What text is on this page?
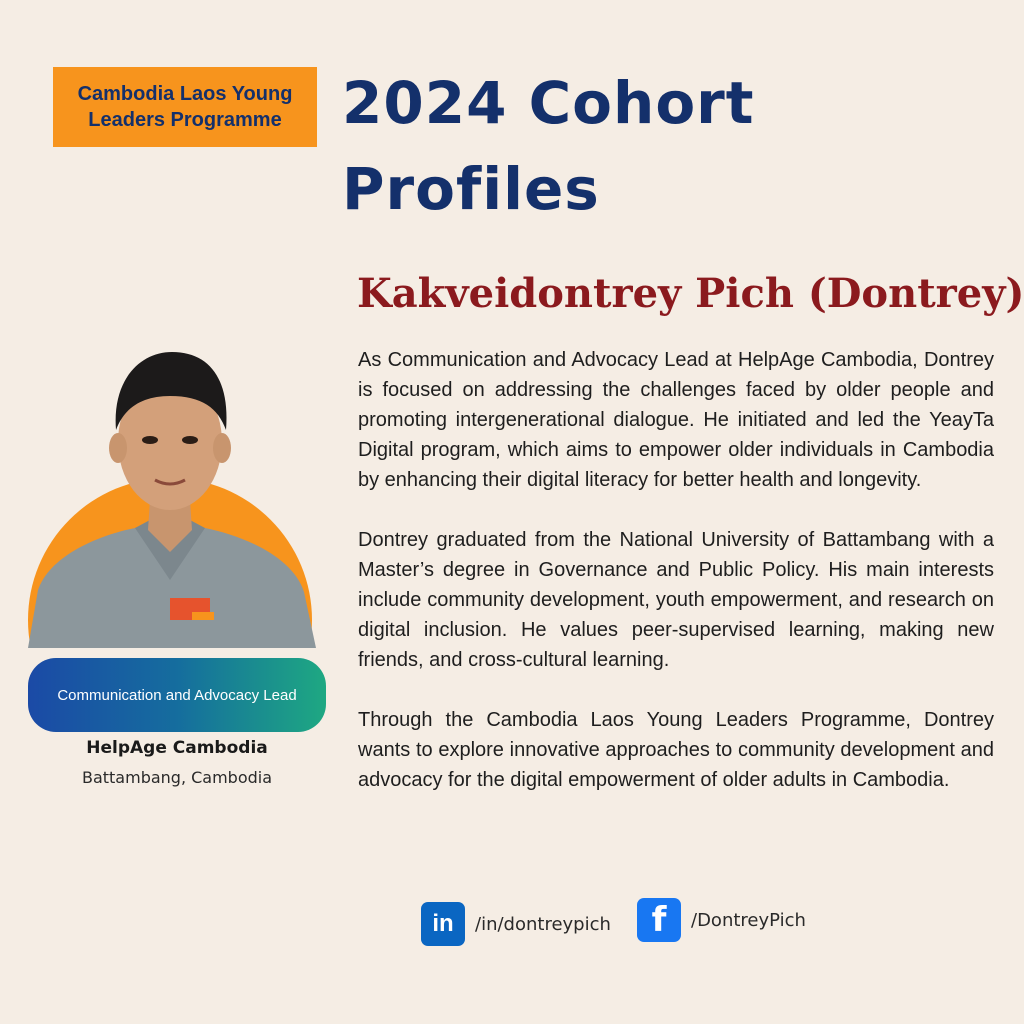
Cambodia Laos Young
Leaders Programme	2024 Cohort
Profiles
Kakveidontrey Pich (Dontrey)
Communication and Advocacy Lead
HelpAge Cambodia
Battambang, Cambodia

As Communication and Advocacy Lead at HelpAge Cambodia, Dontrey is focused on addressing the challenges faced by older people and promoting intergenerational dialogue. He initiated and led the YeayTa Digital program, which aims to empower older individuals in Cambodia by enhancing their digital literacy for better health and longevity.

Dontrey graduated from the National University of Battambang with a Master’s degree in Governance and Public Policy. His main interests include community development, youth empowerment, and research on digital inclusion. He values peer-supervised learning, making new friends, and cross-cultural learning.

Through the Cambodia Laos Young Leaders Programme, Dontrey wants to explore innovative approaches to community development and advocacy for the digital empowerment of older adults in Cambodia.

in /in/dontreypich f /DontreyPich
